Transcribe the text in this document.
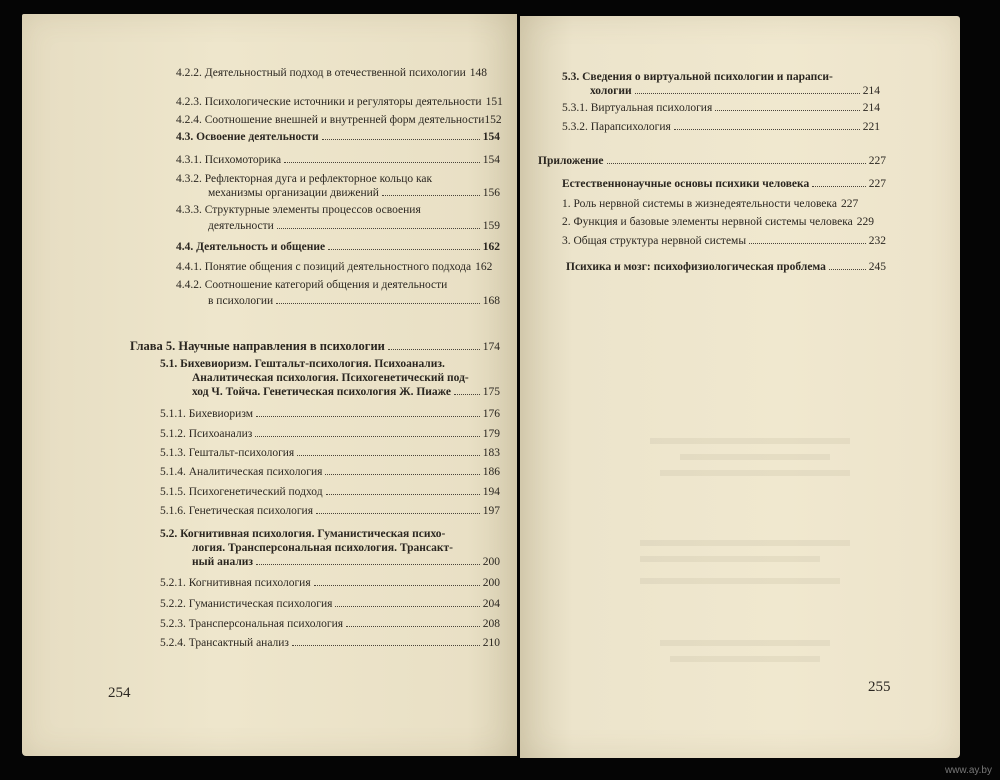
4.2.2. Деятельностный подход в отечественной психологии 148
4.2.3. Психологические источники и регуляторы деятельности 151
4.2.4. Соотношение внешней и внутренней форм деятельности 152
4.3. Освоение деятельности	154
4.3.1. Психомоторика	154
4.3.2. Рефлекторная дуга и рефлекторное кольцо как
механизмы организации движений	156
4.3.3. Структурные элементы процессов освоения
деятельности	159
4.4. Деятельность и общение	162
4.4.1. Понятие общения с позиций деятельностного подхода 162
4.4.2. Соотношение категорий общения и деятельности
в психологии	168
Глава 5. Научные направления в психологии	174
5.1. Бихевиоризм. Гештальт-психология. Психоанализ.
Аналитическая психология. Психогенетический под-
ход Ч. Тойча. Генетическая психология Ж. Пиаже	175
5.1.1. Бихевиоризм	176
5.1.2. Психоанализ	179
5.1.3. Гештальт-психология	183
5.1.4. Аналитическая психология	186
5.1.5. Психогенетический подход	194
5.1.6. Генетическая психология	197
5.2. Когнитивная психология. Гуманистическая психо-
логия. Трансперсональная психология. Трансакт-
ный анализ	200
5.2.1. Когнитивная психология	200
5.2.2. Гуманистическая психология	204
5.2.3. Трансперсональная психология	208
5.2.4. Трансактный анализ	210
254
5.3. Сведения о виртуальной психологии и парапси-
хологии	214
5.3.1. Виртуальная психология	214
5.3.2. Парапсихология	221
Приложение	227
Естественнонаучные основы психики человека	227
1. Роль нервной системы в жизнедеятельности человека 227
2. Функция и базовые элементы нервной системы человека 229
3. Общая структура нервной системы	232
Психика и мозг: психофизиологическая проблема	245
255
www.ay.by
